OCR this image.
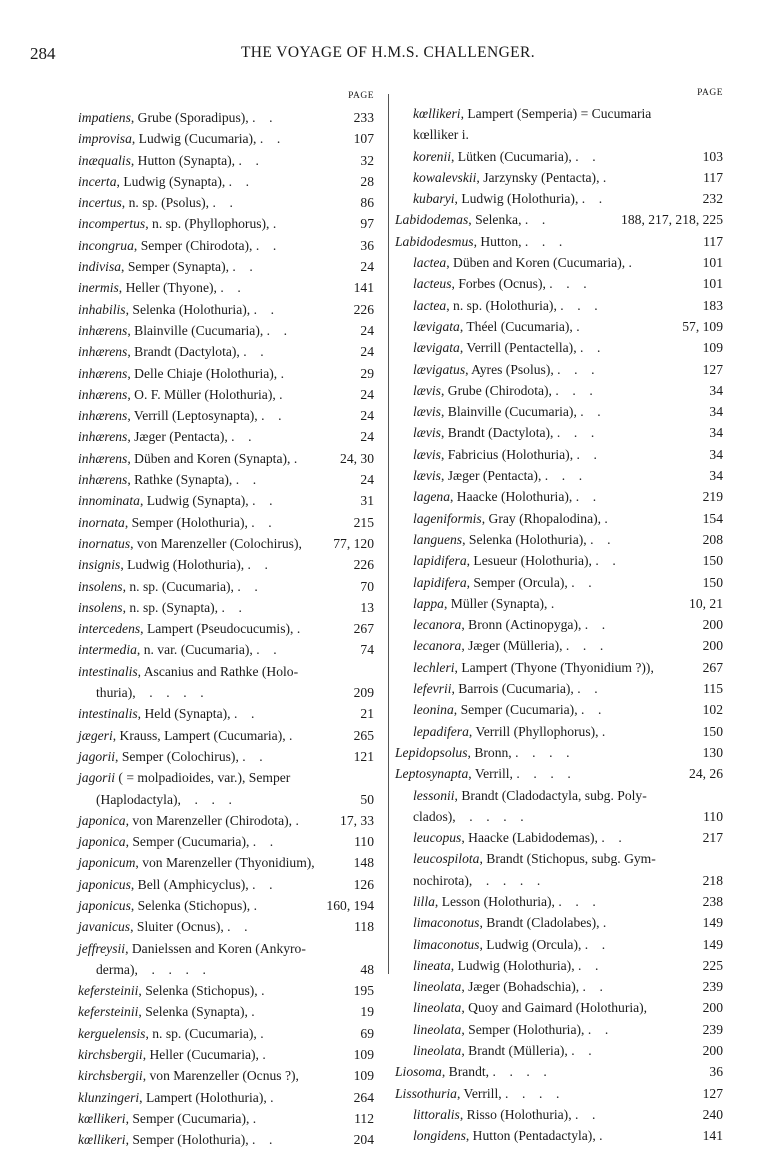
284	THE VOYAGE OF H.M.S. CHALLENGER.
PAGE
impatiens, Grube (Sporadipus), .    .	233
improvisa, Ludwig (Cucumaria), .    .	107
inæqualis, Hutton (Synapta), .    .	32
incerta, Ludwig (Synapta), .    .	28
incertus, n. sp. (Psolus), .    .	86
incompertus, n. sp. (Phyllophorus), .	97
incongrua, Semper (Chirodota), .    .	36
indivisa, Semper (Synapta), .    .	24
inermis, Heller (Thyone), .    .	141
inhabilis, Selenka (Holothuria), .    .	226
inhærens, Blainville (Cucumaria), .    .	24
inhærens, Brandt (Dactylota), .    .	24
inhærens, Delle Chiaje (Holothuria), .	29
inhærens, O. F. Müller (Holothuria), .	24
inhærens, Verrill (Leptosynapta), .    .	24
inhærens, Jæger (Pentacta), .    .	24
inhærens, Düben and Koren (Synapta), .	24, 30
inhærens, Rathke (Synapta), .    .	24
innominata, Ludwig (Synapta), .    .	31
inornata, Semper (Holothuria), .    .	215
inornatus, von Marenzeller (Colochirus), 77, 120
insignis, Ludwig (Holothuria), .    .	226
insolens, n. sp. (Cucumaria), .    .	70
insolens, n. sp. (Synapta), .    .	13
intercedens, Lampert (Pseudocucumis), .	267
intermedia, n. var. (Cucumaria), .    .	74
intestinalis, Ascanius and Rathke (Holo-
thuria),    .    .    .    .	209
intestinalis, Held (Synapta), .    .	21
jægeri, Krauss, Lampert (Cucumaria), .	265
jagorii, Semper (Colochirus), .    .	121
jagorii ( = molpadioides, var.), Semper
(Haplodactyla),    .    .    .	50
japonica, von Marenzeller (Chirodota), .	17, 33
japonica, Semper (Cucumaria), .    .	110
japonicum, von Marenzeller (Thyonidium),	148
japonicus, Bell (Amphicyclus), .    .	126
japonicus, Selenka (Stichopus), .	160, 194
javanicus, Sluiter (Ocnus), .    .	118
jeffreysii, Danielssen and Koren (Ankyro-
derma),    .    .    .    .	48
kefersteinii, Selenka (Stichopus), .	195
kefersteinii, Selenka (Synapta), .	19
kerguelensis, n. sp. (Cucumaria), .	69
kirchsbergii, Heller (Cucumaria), .	109
kirchsbergii, von Marenzeller (Ocnus ?),	109
klunzingeri, Lampert (Holothuria), .	264
kœllikeri, Semper (Cucumaria), .	112
kœllikeri, Semper (Holothuria), .    .	204
PAGE
kœllikeri, Lampert (Semperia) = Cucumaria
kœlliker i.
korenii, Lütken (Cucumaria), .    .	103
kowalevskii, Jarzynsky (Pentacta), .	117
kubaryi, Ludwig (Holothuria), .    .	232
Labidodemas, Selenka, .    .	188, 217, 218, 225
Labidodesmus, Hutton, .    .    .	117
lactea, Düben and Koren (Cucumaria), .	101
lacteus, Forbes (Ocnus), .    .    .	101
lactea, n. sp. (Holothuria), .    .    .	183
lævigata, Théel (Cucumaria), .	57, 109
lævigata, Verrill (Pentactella), .    .	109
lævigatus, Ayres (Psolus), .    .    .	127
lævis, Grube (Chirodota), .    .    .	34
lævis, Blainville (Cucumaria), .    .	34
lævis, Brandt (Dactylota), .    .    .	34
lævis, Fabricius (Holothuria), .    .	34
lævis, Jæger (Pentacta), .    .    .	34
lagena, Haacke (Holothuria), .    .	219
lageniformis, Gray (Rhopalodina), .	154
languens, Selenka (Holothuria), .    .	208
lapidifera, Lesueur (Holothuria), .    .	150
lapidifera, Semper (Orcula), .    .	150
lappa, Müller (Synapta), .	10, 21
lecanora, Bronn (Actinopyga), .    .	200
lecanora, Jæger (Mülleria), .    .    .	200
lechleri, Lampert (Thyone (Thyonidium ?)),	267
lefevrii, Barrois (Cucumaria), .    .	115
leonina, Semper (Cucumaria), .    .	102
lepadifera, Verrill (Phyllophorus), .	150
Lepidopsolus, Bronn, .    .    .    .	130
Leptosynapta, Verrill, .    .    .    .	24, 26
lessonii, Brandt (Cladodactyla, subg. Poly-
clados),    .    .    .    .	110
leucopus, Haacke (Labidodemas), .    .	217
leucospilota, Brandt (Stichopus, subg. Gym-
nochirota),    .    .    .    .	218
lilla, Lesson (Holothuria), .    .    .	238
limaconotus, Brandt (Cladolabes), .	149
limaconotus, Ludwig (Orcula), .    .	149
lineata, Ludwig (Holothuria), .    .	225
lineolata, Jæger (Bohadschia), .    .	239
lineolata, Quoy and Gaimard (Holothuria),	200
lineolata, Semper (Holothuria), .    .	239
lineolata, Brandt (Mülleria), .    .	200
Liosoma, Brandt, .    .    .    .	36
Lissothuria, Verrill, .    .    .    .	127
littoralis, Risso (Holothuria), .    .	240
longidens, Hutton (Pentadactyla), .	141
